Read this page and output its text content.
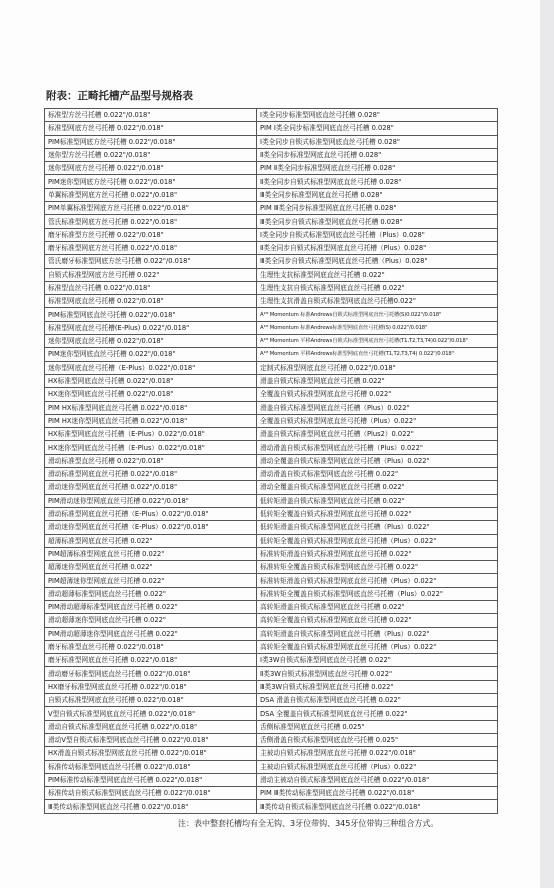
附表：正畸托槽产品型号规格表
标准型方丝弓托槽 0.022"/0.018"	Ⅰ类全同步标准型网底直丝弓托槽 0.028"
标准型网底方丝弓托槽 0.022"/0.018"	PIM Ⅰ类全同步标准型网底直丝弓托槽 0.028"
PIM标准型网底方丝弓托槽 0.022"/0.018"	Ⅰ类全同步自锁式标准型网底直丝弓托槽 0.028"
迷你型方丝弓托槽 0.022"/0.018"	Ⅱ类全同步标准型网底直丝弓托槽 0.028"
迷你型网底方丝弓托槽 0.022"/0.018"	PIM Ⅱ类全同步标准型网底直丝弓托槽 0.028"
PIM迷你型网底方丝弓托槽 0.022"/0.018"	Ⅱ类全同步自锁式标准型网底直丝弓托槽 0.028"
单翼标准型网底方丝弓托槽 0.022"/0.018"	Ⅲ类全同步标准型网底直丝弓托槽 0.028"
PIM单翼标准型网底方丝弓托槽 0.022"/0.018"	PIM Ⅲ类全同步标准型网底直丝弓托槽 0.028"
管氏标准型网底方丝弓托槽 0.022"/0.018"	Ⅲ类全同步自锁式标准型网底直丝弓托槽 0.028"
磨牙标准型方丝弓托槽 0.022"/0.018"	Ⅰ类全同步自锁式标准型网底直丝弓托槽（Plus）0.028"
磨牙标准型网底方丝弓托槽 0.022"/0.018"	Ⅱ类全同步自锁式标准型网底直丝弓托槽（Plus）0.028"
管氏磨牙标准型网底方丝弓托槽 0.022"/0.018"	Ⅲ类全同步自锁式标准型网底直丝弓托槽（Plus）0.028"
自锁式标准型网底方丝弓托槽 0.022"	生理性支抗标准型网底直丝弓托槽 0.022"
标准型直丝弓托槽 0.022"/0.018"	生理性支抗自锁式标准型网底直丝弓托槽 0.022"
标准型网底直丝弓托槽 0.022"/0.018"	生理性支抗滑盖自锁式标准型网底直丝弓托槽0.022"
PIM标准型网底直丝弓托槽 0.022"/0.018"	A¹ᴹ Momentum 标准Andrews自锁式标准型网底直丝弓托槽(S)0.022"/0.018"
标准型网底直丝弓托槽(E-Plus) 0.022"/0.018"	A¹ᴹ Momentum 标准Andrews标准型网底直丝弓托槽(S) 0.022"/0.018"
迷你型网底直丝弓托槽 0.022"/0.018"	A¹ᴹ Momentum 平移Andrews自锁式标准型网底直丝弓托槽(T1,T2,T3,T4)0.022"/0.018"
PIM迷你型网底直丝弓托槽 0.022"/0.018"	A¹ᴹ Momentum 平移Andrews标准型网底直丝弓托槽(T1,T2,T3,T4) 0.022"/0.018"
迷你型网底直丝弓托槽（E-Plus）0.022"/0.018"	定制式标准型网底直丝弓托槽 0.022"/0.018"
HX标准型网底直丝弓托槽 0.022"/0.018"	滑盖自锁式标准型网底直丝弓托槽 0.022"
HX迷你型网底直丝弓托槽 0.022"/0.018"	全覆盖自锁式标准型网底直丝弓托槽 0.022"
PIM HX标准型网底直丝弓托槽 0.022"/0.018"	滑盖自锁式标准型网底直丝弓托槽（Plus）0.022"
PIM HX迷你型网底直丝弓托槽 0.022"/0.018"	全覆盖自锁式标准型网底直丝弓托槽（Plus）0.022"
HX标准型网底直丝弓托槽（E-Plus）0.022"/0.018"	滑盖自锁式标准型网底直丝弓托槽（Plus2）0.022"
HX迷你型网底直丝弓托槽（E-Plus）0.022"/0.018"	滑动滑盖自锁式标准型网底直丝弓托槽（Plus）0.022"
滑动标准型直丝弓托槽 0.022"/0.018"	滑动全覆盖自锁式标准型网底直丝弓托槽（Plus）0.022"
滑动标准型网底直丝弓托槽 0.022"/0.018"	滑动滑盖自锁式标准型网底直丝弓托槽 0.022"
滑动迷你型网底直丝弓托槽 0.022"/0.018"	滑动全覆盖自锁式标准型网底直丝弓托槽 0.022"
PIM滑动迷你型网底直丝弓托槽 0.022"/0.018"	低转矩滑盖自锁式标准型网底直丝弓托槽 0.022"
滑动标准型网底直丝弓托槽（E-Plus）0.022"/0.018"	低转矩全覆盖自锁式标准型网底直丝弓托槽 0.022"
滑动迷你型网底直丝弓托槽（E-Plus）0.022"/0.018"	低转矩滑盖自锁式标准型网底直丝弓托槽（Plus）0.022"
超薄标准型网底直丝弓托槽 0.022"	低转矩全覆盖自锁式标准型网底直丝弓托槽（Plus）0.022"
PIM超薄标准型网底直丝弓托槽 0.022"	标准转矩滑盖自锁式标准型网底直丝弓托槽 0.022"
超薄迷你型网底直丝弓托槽 0.022"	标准转矩全覆盖自锁式标准型网底直丝弓托槽 0.022"
PIM超薄迷你型网底直丝弓托槽 0.022"	标准转矩滑盖自锁式标准型网底直丝弓托槽（Plus）0.022"
滑动超薄标准型网底直丝弓托槽 0.022"	标准转矩全覆盖自锁式标准型网底直丝弓托槽（Plus）0.022"
PIM滑动超薄标准型网底直丝弓托槽 0.022"	高转矩滑盖自锁式标准型网底直丝弓托槽 0.022"
滑动超薄迷你型网底直丝弓托槽 0.022"	高转矩全覆盖自锁式标准型网底直丝弓托槽 0.022"
PIM滑动超薄迷你型网底直丝弓托槽 0.022"	高转矩滑盖自锁式标准型网底直丝弓托槽（Plus）0.022"
磨牙标准型直丝弓托槽 0.022"/0.018"	高转矩全覆盖自锁式标准型网底直丝弓托槽（Plus）0.022"
磨牙标准型网底直丝弓托槽 0.022"/0.018"	Ⅰ类3W自锁式标准型网底直丝弓托槽 0.022"
滑动磨牙标准型网底直丝弓托槽 0.022"/0.018"	Ⅱ类3W自锁式标准型网底直丝弓托槽 0.022"
HX磨牙标准型网底直丝弓托槽 0.022"/0.018"	Ⅲ类3W自锁式标准型网底直丝弓托槽 0.022"
自锁式标准型网底直丝弓托槽 0.022"/0.018"	DSA 滑盖自锁式标准型网底直丝弓托槽 0.022"
V型自锁式标准型网底直丝弓托槽 0.022"/0.018"	DSA 全覆盖自锁式标准型网底直丝弓托槽 0.022"
滑动自锁式标准型网底直丝弓托槽 0.022"/0.018"	舌侧标准型网底直丝弓托槽 0.025"
滑动V型自锁式标准型网底直丝弓托槽 0.022"/0.018"	舌侧滑盖自锁式标准型网底直丝弓托槽 0.025"
HX滑盖自锁式标准型网底直丝弓托槽 0.022"/0.018"	主被动自锁式标准型网底直丝弓托槽 0.022"/0.018"
标准传动标准型网底直丝弓托槽 0.022"/0.018"	主被动自锁式标准型网底直丝弓托槽（Plus）0.022"
PIM标准传动标准型网底直丝弓托槽 0.022"/0.018"	滑动主被动自锁式标准型网底直丝弓托槽 0.022"/0.018"
标准传动自锁式标准型网底直丝弓托槽 0.022"/0.018"	PIM Ⅲ类传动标准型网底直丝弓托槽 0.022"/0.018"
Ⅲ类传动标准型网底直丝弓托槽 0.022"/0.018"	Ⅲ类传动自锁式标准型网底直丝弓托槽 0.022"/0.018"
注：表中整套托槽均有全无钩、3牙位带钩、345牙位带钩三种组合方式。
